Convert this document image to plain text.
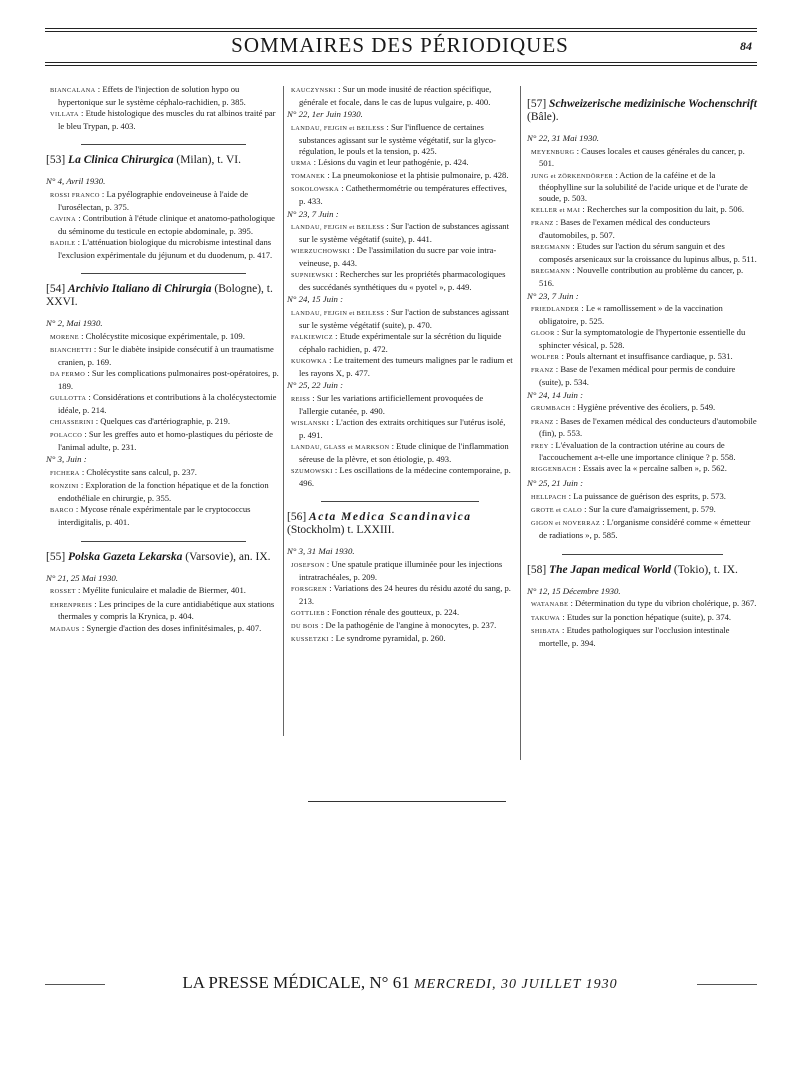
SOMMAIRES DES PÉRIODIQUES	84
BIANCALANA : Effets de l'injection de solution hypo ou hypertonique sur le système céphalo-rachidien, p. 385.
VILLATA : Etude histologique des muscles du rat albinos traité par le bleu Trypan, p. 403.
[53] La Clinica Chirurgica (Milan), t. VI.
N° 4, Avril 1930.
ROSSI FRANCO : La pyélographie endoveineuse à l'aide de l'urosélectan, p. 375.
CAVINA : Contribution à l'étude clinique et anatomo-pathologique du séminome du testicule en ectopie abdominale, p. 395.
BADILE : L'atténuation biologique du microbisme intestinal dans l'exclusion expérimentale du jéjunum et du duodenum, p. 417.
[54] Archivio Italiano di Chirurgia (Bologne), t. XXVI.
N° 2, Mai 1930.
MORENE : Cholécystite micosique expérimentale, p. 109.
BIANCHETTI : Sur le diabète insipide consécutif à un traumatisme cranien, p. 169.
DA FERMO : Sur les complications pulmonaires post-opératoires, p. 189.
GULLOTTA : Considérations et contributions à la cholécystectomie idéale, p. 214.
CHIASSERINI : Quelques cas d'artériographie, p. 219.
POLACCO : Sur les greffes auto et homo-plastiques du périoste de l'animal adulte, p. 231.
N° 3, Juin :
FICHERA : Cholécystite sans calcul, p. 237.
RONZINI : Exploration de la fonction hépatique et de la fonction endothéliale en chirurgie, p. 355.
BARCO : Mycose rénale expérimentale par le cryptococcus interdigitalis, p. 401.
[55] Polska Gazeta Lekarska (Varsovie), an. IX.
N° 21, 25 Mai 1930.
ROSSET : Myélite funiculaire et maladie de Biermer, 401.
EHRENPREIS : Les principes de la cure antidiabétique aux stations thermales y compris la Krynica, p. 404.
MADAUS : Synergie d'action des doses infinitésimales, p. 407.
KAUCZYNSKI : Sur un mode inusité de réaction spécifique, générale et focale, dans le cas de lupus vulgaire, p. 400.
N° 22, 1er Juin 1930.
LANDAU, FEJGIN et BEILESS : Sur l'influence de certaines substances agissant sur le système végétatif, sur la glyco-régulation, le pouls et la tension, p. 425.
URMA : Lésions du vagin et leur pathogénie, p. 424.
TOMANEK : La pneumokoniose et la phtisie pulmonaire, p. 428.
SOKOLOWSKA : Cathethermométrie ou températures effectives, p. 433.
N° 23, 7 Juin :
LANDAU, FEJGIN et BEILESS : Sur l'action de substances agissant sur le système végétatif (suite), p. 441.
WIERZUCHOWSKI : De l'assimilation du sucre par voie intra-veineuse, p. 443.
SUPNIEWSKI : Recherches sur les propriétés pharmacologiques des succédanés synthétiques du « pyotel », p. 449.
N° 24, 15 Juin :
LANDAU, FEJGIN et BEILESS : Sur l'action de substances agissant sur le système végétatif (suite), p. 470.
FALKIEWICZ : Etude expérimentale sur la sécrétion du liquide céphalo rachidien, p. 472.
KUKOWKA : Le traitement des tumeurs malignes par le radium et les rayons X, p. 477.
N° 25, 22 Juin :
REISS : Sur les variations artificiellement provoquées de l'allergie cutanée, p. 490.
WISLANSKI : L'action des extraits orchitiques sur l'utérus isolé, p. 491.
LANDAU, GLASS et MARKSON : Etude clinique de l'inflammation séreuse de la plèvre, et son étiologie, p. 493.
SZUMOWSKI : Les oscillations de la médecine contemporaine, p. 496.
[56] Acta Medica Scandinavica (Stockholm) t. LXXIII.
N° 3, 31 Mai 1930.
JOSEFSON : Une spatule pratique illuminée pour les injections intratrachéales, p. 209.
FORSGREN : Variations des 24 heures du résidu azoté du sang, p. 213.
GOTTLIEB : Fonction rénale des goutteux, p. 224.
DU BOIS : De la pathogénie de l'angine à monocytes, p. 237.
KUSSETZKI : Le syndrome pyramidal, p. 260.
[57] Schweizerische medizinische Wochenschrift (Bâle).
N° 22, 31 Mai 1930.
MEYENBURG : Causes locales et causes générales du cancer, p. 501.
JUNG et ZÖRKENDÖRFER : Action de la caféine et de la théophylline sur la solubilité de l'acide urique et de l'urate de soude, p. 503.
KELLER et MAI : Recherches sur la composition du lait, p. 506.
FRANZ : Bases de l'examen médical des conducteurs d'automobiles, p. 507.
BREGMANN : Etudes sur l'action du sérum sanguin et des composés arsenicaux sur la croissance du lupinus albus, p. 511.
BREGMANN : Nouvelle contribution au problème du cancer, p. 516.
N° 23, 7 Juin :
FRIEDLANDER : Le « ramollissement » de la vaccination obligatoire, p. 525.
GLOOR : Sur la symptomatologie de l'hypertonie essentielle du sphincter vésical, p. 528.
WOLFER : Pouls alternant et insuffisance cardiaque, p. 531.
FRANZ : Base de l'examen médical pour permis de conduire (suite), p. 534.
N° 24, 14 Juin :
GRUMBACH : Hygiène préventive des écoliers, p. 549.
FRANZ : Bases de l'examen médical des conducteurs d'automobile (fin), p. 553.
FREY : L'évaluation de la contraction utérine au cours de l'accouchement a-t-elle une importance clinique ? p. 558.
RIGGENBACH : Essais avec la « percaïne salben », p. 562.
N° 25, 21 Juin :
HELLPACH : La puissance de guérison des esprits, p. 573.
GROTE et CALO : Sur la cure d'amaigrissement, p. 579.
GIGON et NOVERRAZ : L'organisme considéré comme « émetteur de radiations », p. 585.
[58] The Japan medical World (Tokio), t. IX.
N° 12, 15 Décembre 1930.
WATANABE : Détermination du type du vibrion cholérique, p. 367.
TAKUWA : Etudes sur la ponction hépatique (suite), p. 374.
SHIBATA : Etudes pathologiques sur l'occlusion intestinale mortelle, p. 394.
LA PRESSE MÉDICALE, N° 61 MERCREDI, 30 JUILLET 1930
